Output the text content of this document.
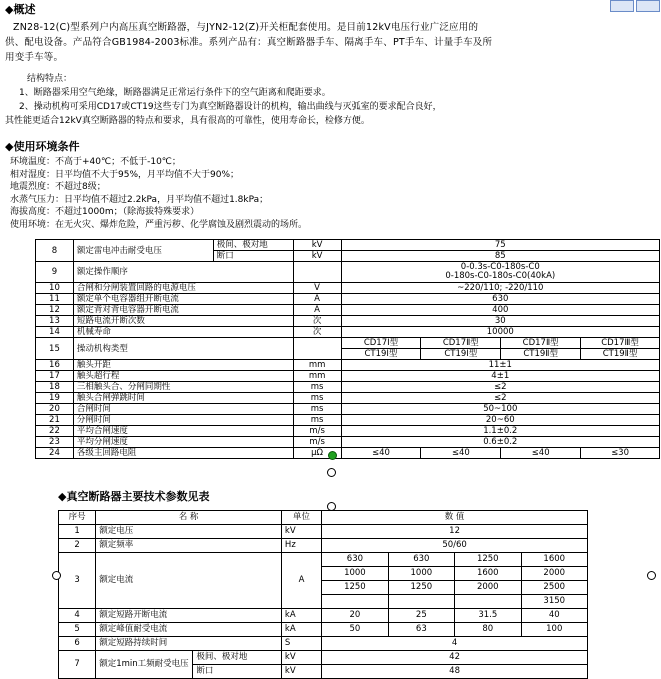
◆概述
ZN28-12(C)型系列户内高压真空断路器，与JYN2-12(Z)开关柜配套使用。是目前12kV电压行业广泛应用的
供、配电设备。产品符合GB1984-2003标准。系列产品有：真空断路器手车、隔离手车、PT手车、计量手车及所
用变手车等。
结构特点：
1、断路器采用空气绝缘，断路器满足正常运行条件下的空气距离和爬距要求。
2、操动机构可采用CD17或CT19这些专门为真空断路器设计的机构，输出曲线与灭弧室的要求配合良好，
其性能更适合12kV真空断路器的特点和要求，具有很高的可靠性，使用寿命长，检修方便。
◆使用环境条件
环境温度：不高于+40℃；不低于-10℃；
相对湿度：日平均值不大于95%，月平均值不大于90%；
地震烈度：不超过8级；
水蒸气压力：日平均值不超过2.2kPa，月平均值不超过1.8kPa；
海拔高度：不超过1000m；（除海拔特殊要求）
使用环境：在无火灾、爆炸危险，严重污秽、化学腐蚀及剧烈震动的场所。
8	额定雷电冲击耐受电压	极间、极对地	kV	75			
		断口	kV	85			
9	额定操作顺序			0-0.3s-C0-180s-C0
0-180s-C0-180s-C0(40kA)			

10	合闸和分闸装置回路的电源电压		V	~220/110; -220/110			
11	额定单个电容器组开断电流		A	630			
12	额定背对背电容器开断电流		A	400			
13	短路电流开断次数		次	30			
14	机械寿命		次	10000			
15	操动机构类型			CD17Ⅰ型	CD17Ⅱ型	CD17Ⅱ型	CD17Ⅲ型
				CT19Ⅰ型	CT19Ⅰ型	CT19Ⅱ型	CT19Ⅱ型
16	触头开距		mm	11±1			
17	触头超行程		mm	4±1			
18	三相触头合、分闸同期性		ms	≤2			
19	触头合闸弹跳时间		ms	≤2			
20	合闸时间		ms	50~100			
21	分闸时间		ms	20~60			
22	平均合闸速度		m/s	1.1±0.2			
23	平均分闸速度		m/s	0.6±0.2			
24	各级主回路电阻		μΩ	≤40	≤40	≤40	≤30
◆真空断路器主要技术参数见表
序号	名 称		单位	数 值			
1	额定电压		kV	12			
2	额定频率		Hz	50/60			
3	额定电流		A	630	630	1250	1600
				1000	1000	1600	2000
				1250	1250	2000	2500
							3150
4	额定短路开断电流		kA	20	25	31.5	40
5	额定峰值耐受电流		kA	50	63	80	100
6	额定短路持续时间		S	4			
7	额定1min工频耐受电压	极间、极对地	kV	42			
		断口	kV	48			
